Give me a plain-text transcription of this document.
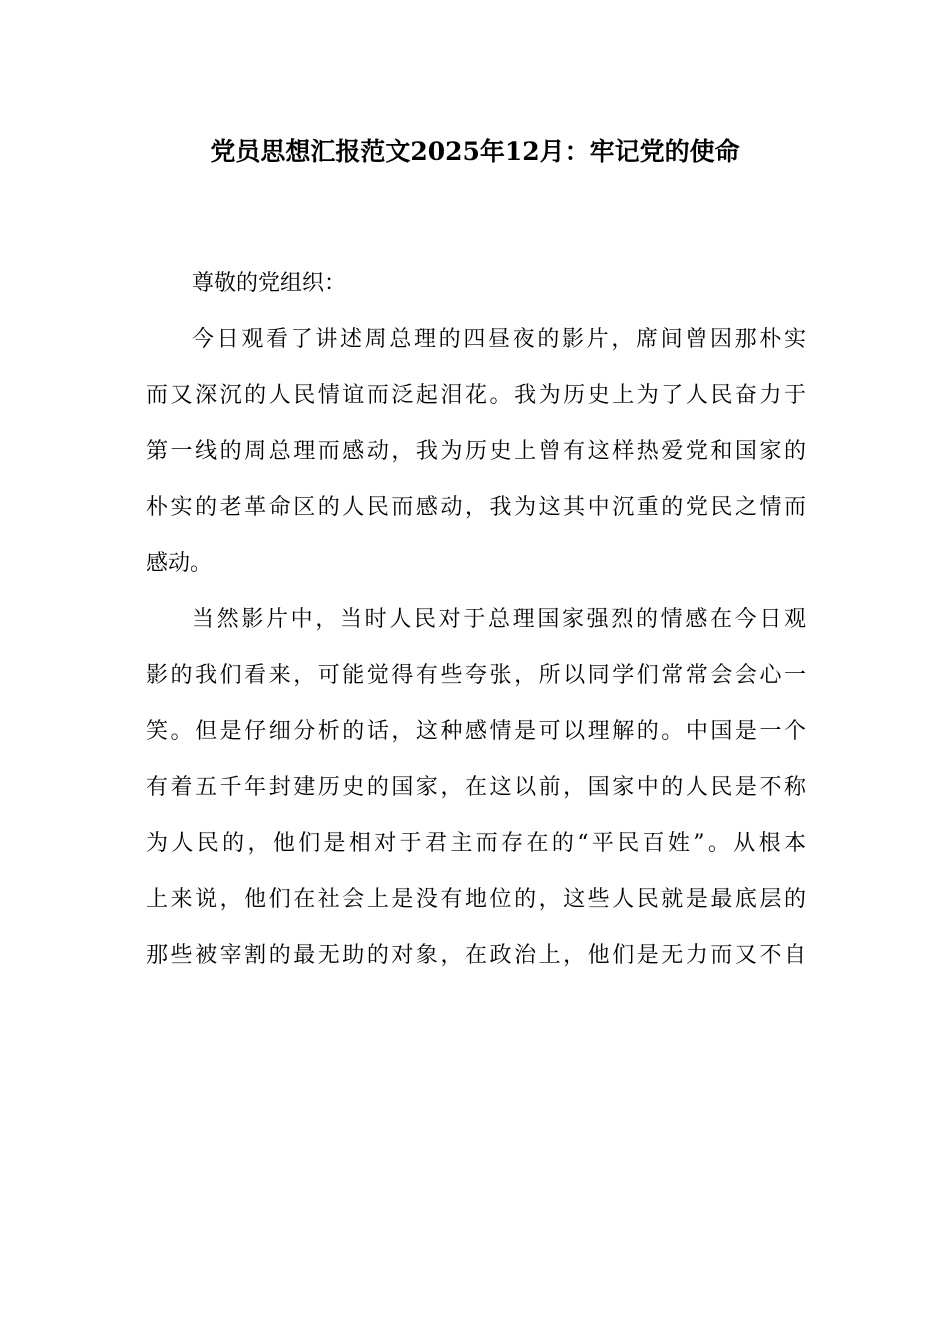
党员思想汇报范文2025年12月：牢记党的使命
尊敬的党组织：
今日观看了讲述周总理的四昼夜的影片，席间曾因那朴实
而又深沉的人民情谊而泛起泪花。我为历史上为了人民奋力于
第一线的周总理而感动，我为历史上曾有这样热爱党和国家的
朴实的老革命区的人民而感动，我为这其中沉重的党民之情而
感动。
当然影片中，当时人民对于总理国家强烈的情感在今日观
影的我们看来，可能觉得有些夸张，所以同学们常常会会心一
笑。但是仔细分析的话，这种感情是可以理解的。中国是一个
有着五千年封建历史的国家，在这以前，国家中的人民是不称
为人民的，他们是相对于君主而存在的“平民百姓”。从根本
上来说，他们在社会上是没有地位的，这些人民就是最底层的
那些被宰割的最无助的对象，在政治上，他们是无力而又不自
